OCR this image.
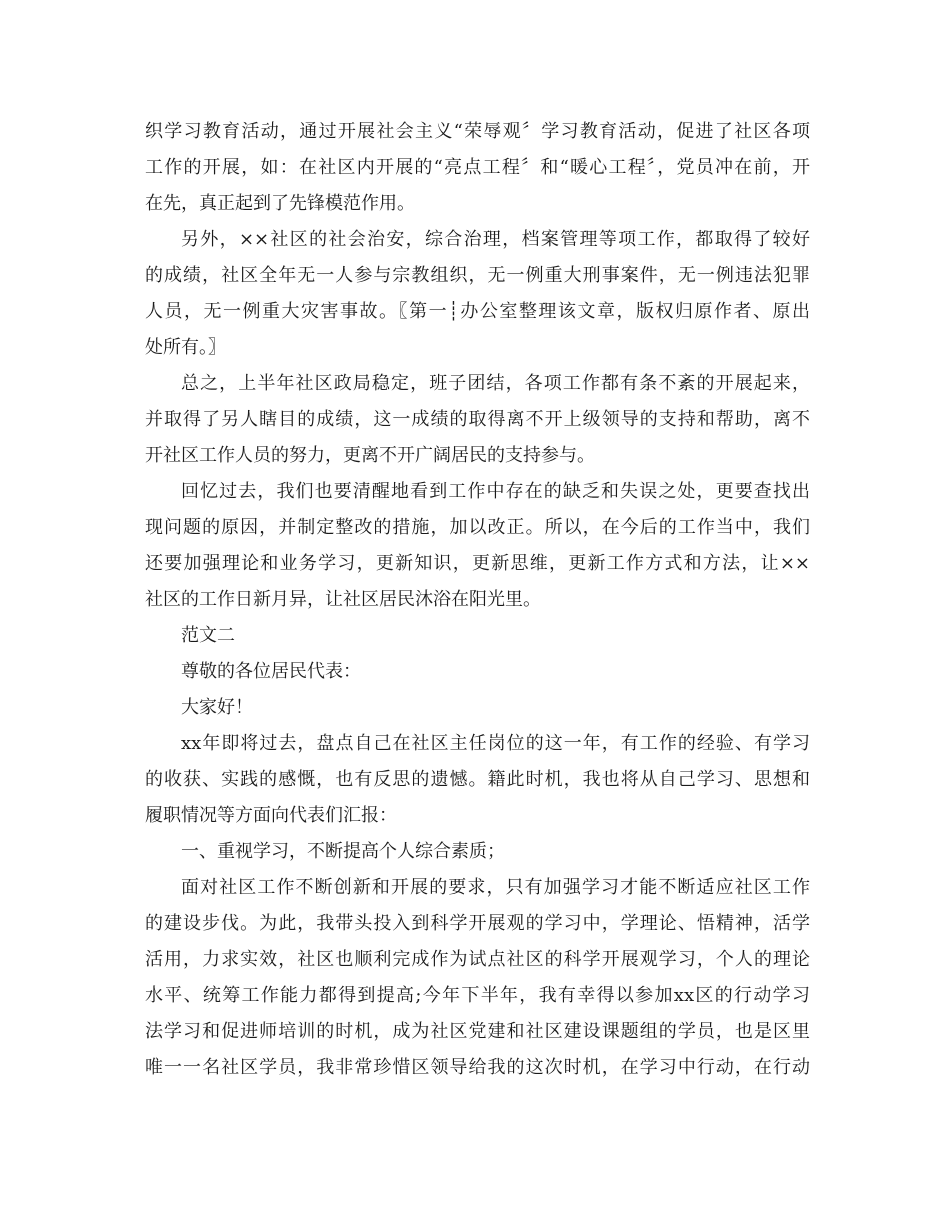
织学习教育活动，通过开展社会主义“荣辱观〞学习教育活动，促进了社区各项
工作的开展，如：在社区内开展的“亮点工程〞和“暖心工程〞，党员冲在前，开
在先，真正起到了先锋模范作用。
另外，××社区的社会治安，综合治理，档案管理等项工作，都取得了较好
的成绩，社区全年无一人参与宗教组织，无一例重大刑事案件，无一例违法犯罪
人员，无一例重大灾害事故。〖第一┊办公室整理该文章，版权归原作者、原出
处所有。〗
总之，上半年社区政局稳定，班子团结，各项工作都有条不紊的开展起来，
并取得了另人瞎目的成绩，这一成绩的取得离不开上级领导的支持和帮助，离不
开社区工作人员的努力，更离不开广阔居民的支持参与。
回忆过去，我们也要清醒地看到工作中存在的缺乏和失误之处，更要查找出
现问题的原因，并制定整改的措施，加以改正。所以，在今后的工作当中，我们
还要加强理论和业务学习，更新知识，更新思维，更新工作方式和方法，让××
社区的工作日新月异，让社区居民沐浴在阳光里。
范文二
尊敬的各位居民代表：
大家好！
xx年即将过去，盘点自己在社区主任岗位的这一年，有工作的经验、有学习
的收获、实践的感慨，也有反思的遗憾。籍此时机，我也将从自己学习、思想和
履职情况等方面向代表们汇报：
一、重视学习，不断提高个人综合素质；
面对社区工作不断创新和开展的要求，只有加强学习才能不断适应社区工作
的建设步伐。为此，我带头投入到科学开展观的学习中，学理论、悟精神，活学
活用，力求实效，社区也顺利完成作为试点社区的科学开展观学习，个人的理论
水平、统筹工作能力都得到提高;今年下半年，我有幸得以参加xx区的行动学习
法学习和促进师培训的时机，成为社区党建和社区建设课题组的学员，也是区里
唯一一名社区学员，我非常珍惜区领导给我的这次时机，在学习中行动，在行动
